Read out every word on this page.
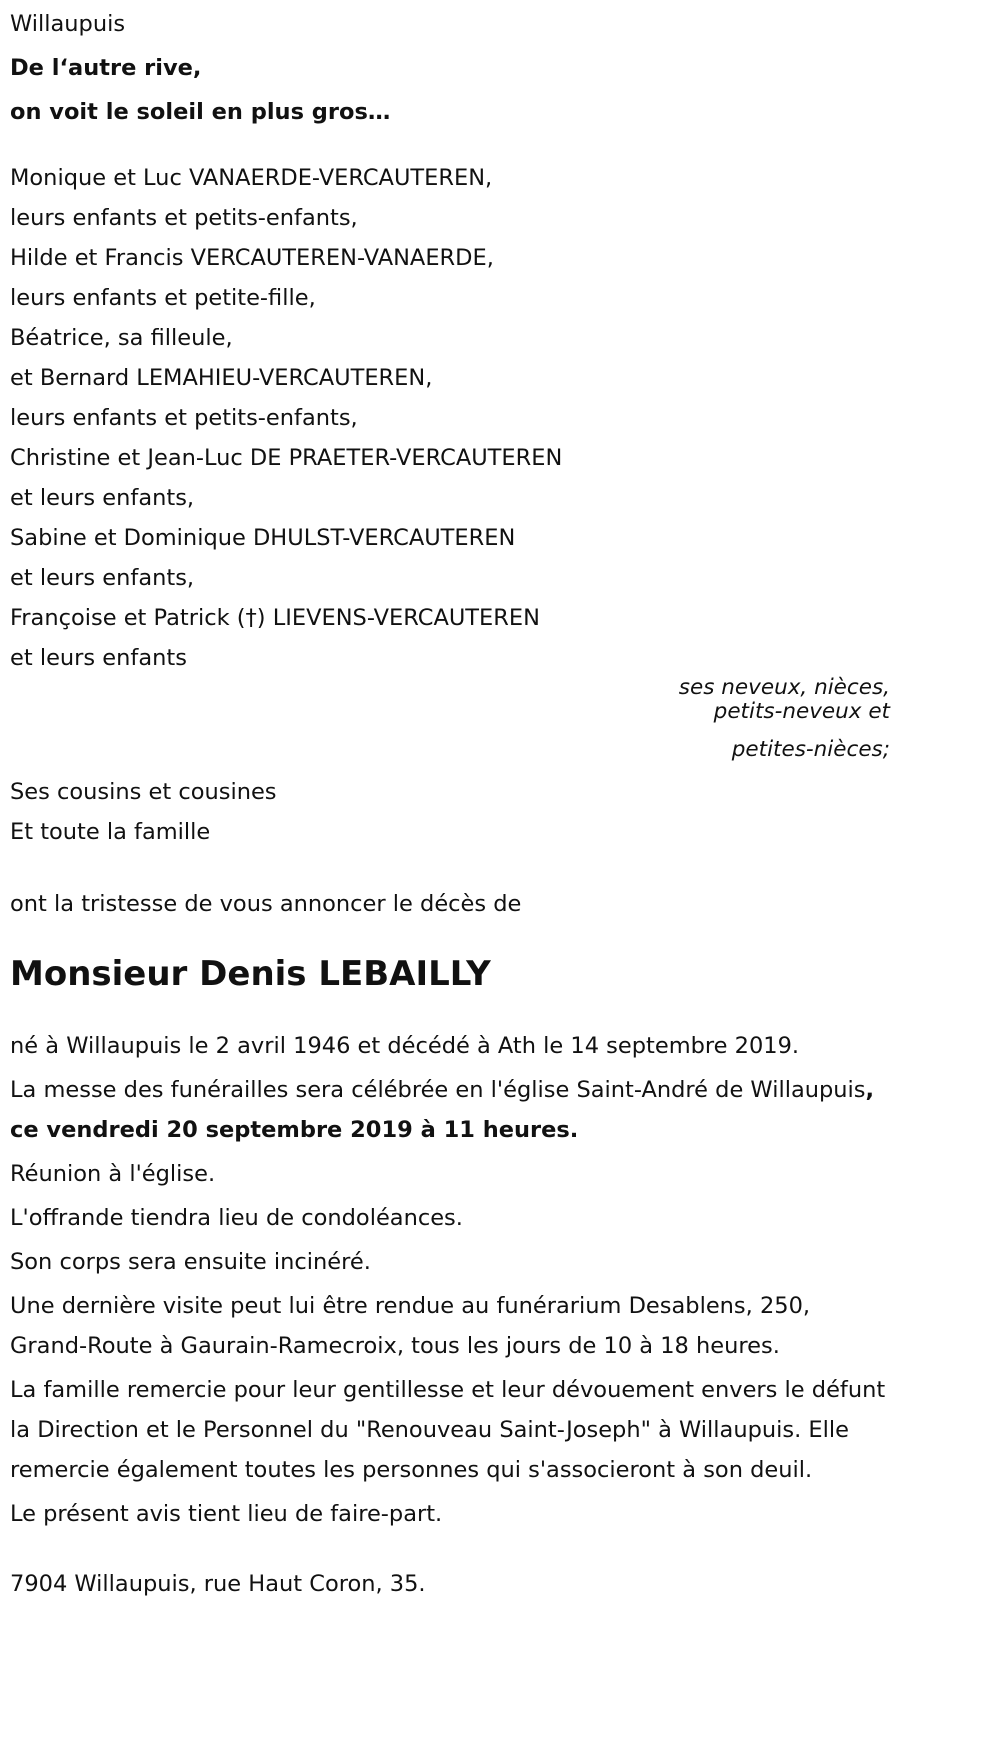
Willaupuis

De l‘autre rive,

on voit le soleil en plus gros…

Monique et Luc VANAERDE-VERCAUTEREN,
leurs enfants et petits-enfants,
Hilde et Francis VERCAUTEREN-VANAERDE,
leurs enfants et petite-fille,
Béatrice, sa filleule,
et Bernard LEMAHIEU-VERCAUTEREN,
leurs enfants et petits-enfants,
Christine et Jean-Luc DE PRAETER-VERCAUTEREN
et leurs enfants,
Sabine et Dominique DHULST-VERCAUTEREN
et leurs enfants,
Françoise et Patrick (†) LIEVENS-VERCAUTEREN
et leurs enfants
ses neveux, nièces,
petits-neveux et
petites-nièces;

Ses cousins et cousines

Et toute la famille

ont la tristesse de vous annoncer le décès de

Monsieur Denis LEBAILLY

né à Willaupuis le 2 avril 1946 et décédé à Ath le 14 septembre 2019.

La messe des funérailles sera célébrée en l'église Saint-André de Willaupuis, ce vendredi 20 septembre 2019 à 11 heures.

Réunion à l'église.

L'offrande tiendra lieu de condoléances.

Son corps sera ensuite incinéré.

Une dernière visite peut lui être rendue au funérarium Desablens, 250, Grand-Route à Gaurain-Ramecroix, tous les jours de 10 à 18 heures.

La famille remercie pour leur gentillesse et leur dévouement envers le défunt la Direction et le Personnel du "Renouveau Saint-Joseph" à Willaupuis. Elle remercie également toutes les personnes qui s'associeront à son deuil.

Le présent avis tient lieu de faire-part.

7904 Willaupuis, rue Haut Coron, 35.
